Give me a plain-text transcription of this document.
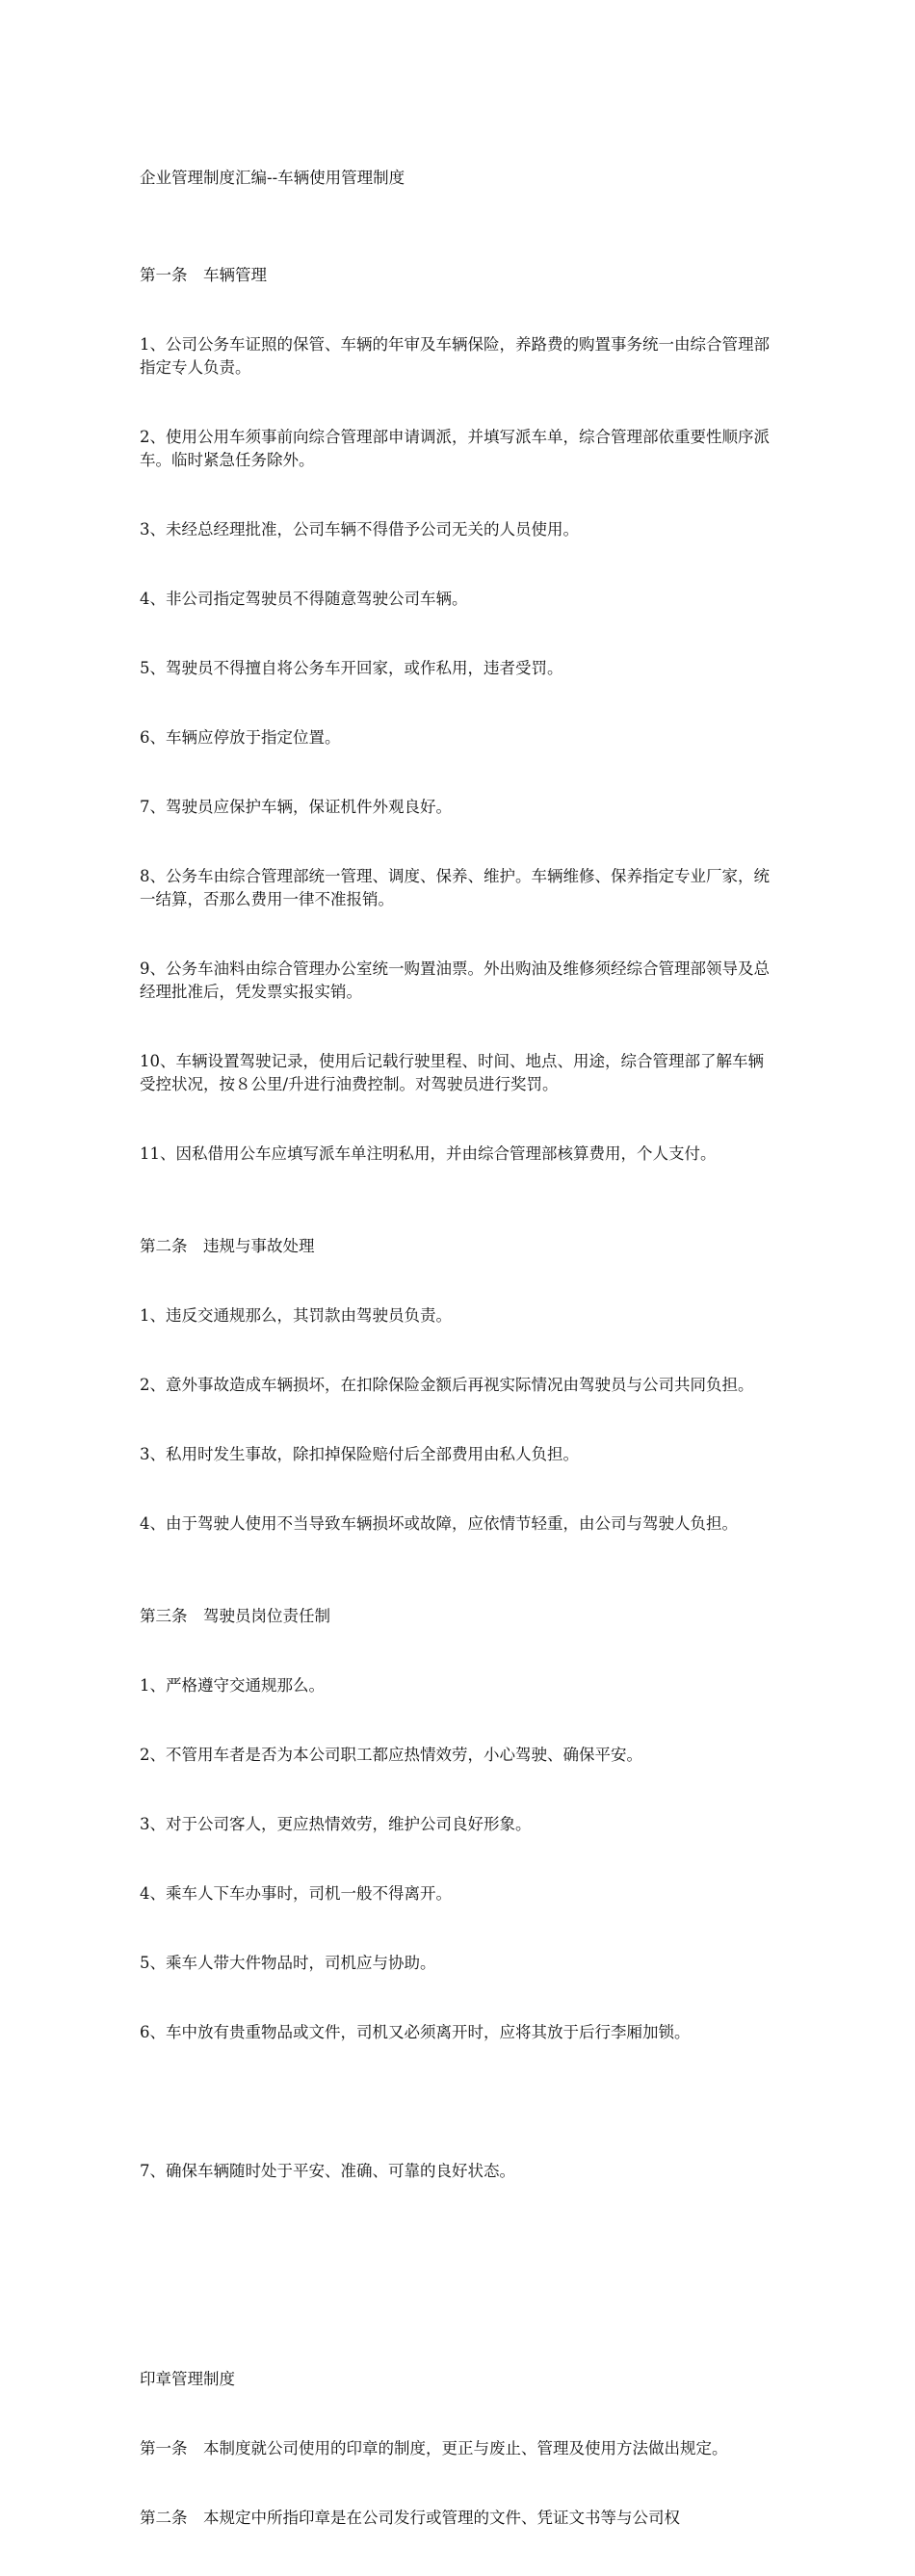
企业管理制度汇编--车辆使用管理制度

第一条　车辆管理

1、公司公务车证照的保管、车辆的年审及车辆保险，养路费的购置事务统一由综合管理部指定专人负责。

2、使用公用车须事前向综合管理部申请调派，并填写派车单，综合管理部依重要性顺序派车。临时紧急任务除外。

3、未经总经理批准，公司车辆不得借予公司无关的人员使用。

4、非公司指定驾驶员不得随意驾驶公司车辆。

5、驾驶员不得擅自将公务车开回家，或作私用，违者受罚。

6、车辆应停放于指定位置。

7、驾驶员应保护车辆，保证机件外观良好。

8、公务车由综合管理部统一管理、调度、保养、维护。车辆维修、保养指定专业厂家，统一结算，否那么费用一律不准报销。

9、公务车油料由综合管理办公室统一购置油票。外出购油及维修须经综合管理部领导及总经理批准后，凭发票实报实销。

10、车辆设置驾驶记录，使用后记载行驶里程、时间、地点、用途，综合管理部了解车辆受控状况，按８公里/升进行油费控制。对驾驶员进行奖罚。

11、因私借用公车应填写派车单注明私用，并由综合管理部核算费用，个人支付。

第二条　违规与事故处理

1、违反交通规那么，其罚款由驾驶员负责。

2、意外事故造成车辆损坏，在扣除保险金额后再视实际情况由驾驶员与公司共同负担。

3、私用时发生事故，除扣掉保险赔付后全部费用由私人负担。

4、由于驾驶人使用不当导致车辆损坏或故障，应依情节轻重，由公司与驾驶人负担。

第三条　驾驶员岗位责任制

1、严格遵守交通规那么。

2、不管用车者是否为本公司职工都应热情效劳，小心驾驶、确保平安。

3、对于公司客人，更应热情效劳，维护公司良好形象。

4、乘车人下车办事时，司机一般不得离开。

5、乘车人带大件物品时，司机应与协助。

6、车中放有贵重物品或文件，司机又必须离开时，应将其放于后行李厢加锁。

7、确保车辆随时处于平安、准确、可靠的良好状态。

印章管理制度

第一条　本制度就公司使用的印章的制度，更正与废止、管理及使用方法做出规定。

第二条　本规定中所指印章是在公司发行或管理的文件、凭证文书等与公司权
